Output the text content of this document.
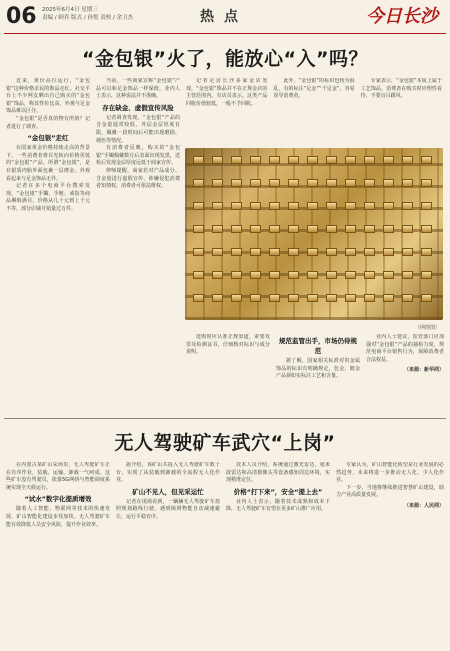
06 2025年6月4日 星期三
责编 / 顾乔 版式 / 孙悦 责校 / 余卫杰	热点	今日长沙
“金包银”火了，能放心“入”吗？

近来，黄价高位运行，“金包银”这种价格亲民的饰品走红。社交平台上不少网友晒出自己购买的“金包银”饰品，称其性价比高，外观与足金饰品难以区分。

“金包银”是否真的物有所值？记者进行了调查。

“金包银”走红

在国家黄金价格持续走高的背景下，一些消费者将目光转向价格更低的“金包银”产品。所谓“金包银”，是在银质内胎外面包裹一层薄金，外观看起来与足金饰品无异。

记者在多个电商平台搜索发现，“金包银”手镯、手链、戒指等商品琳琅满目，价格从几十元到上千元不等，部分店铺月销量过万件。

当前，一些商家宣称“金包银”产品可以和足金饰品一样保值。业内人士表示，这种说法并不准确。

存在缺金、虚假宣传风险

记者调查发现，“金包银”产品的含金量通常较低，外层金层厚度有限，佩戴一段时间后可能出现磨损、褪色等情况。

有消费者反映，购买的“金包银”手镯佩戴数月后表面出现发黑，送检后发现金层厚度远低于商家宣传。

律师提醒，商家若对产品成分、含金量进行虚假宣传，涉嫌侵犯消费者知情权，消费者可依法维权。

记者走访长沙多家金店发现，“金包银”饰品并不在正规金店的主营范围内。有店员表示，这类产品回收价值较低，一般不予回收。

此外，“金包银”的标识也较为混乱，有的标注“足金”“千足金”，容易误导消费者。

专家表示，“金包银”本质上属于工艺饰品，消费者在购买时应理性看待，不要盲目跟风。

（网络图）

选购时应认准正规渠道，索要发票及检测证书，仔细核对标识与成分说明。

规范监管出手，市场仍待规范

据了解，国家相关标准对贵金属饰品的标识有明确规定，包金、镀金产品须如实标注工艺和含量。

业内人士建议，监管部门应加强对“金包银”产品的抽检力度，规范电商平台销售行为，保障消费者合法权益。

（来源：新华网）
无人驾驶矿车武穴“上岗”

在内蒙古某矿山采场里，无人驾驶矿车正在有序作业，装载、运输、卸载一气呵成。这些矿车没有驾驶员，依靠5G网络与智能调度系统实现全天候运行。

“试水”数字化提质增效

随着人工智能、物联网等技术的快速发展，矿山智能化建设步伐加快。无人驾驶矿车能有效降低人员安全风险，提升作业效率。

据介绍，该矿山共投入无人驾驶矿车数十台，实现了从装载到卸载的全流程无人化作业。

矿山不见人，但见采运忙

记者在现场看到，一辆辆无人驾驶矿车按照规划路线行驶，遇到障碍物能自动减速避让，运行平稳有序。

技术人员介绍，系统通过激光雷达、毫米波雷达和高清摄像头等设备感知周边环境，实现精准定位。

价格“打下来”，安全“提上去”

业内人士表示，随着技术成熟和成本下降，无人驾驶矿车有望在更多矿山推广应用。

专家认为，矿山智能化转型是行业发展的必然趋势，未来将进一步推动无人化、少人化作业。

下一步，当地将继续推进智慧矿山建设，助力产业高质量发展。

（来源：人民网）
